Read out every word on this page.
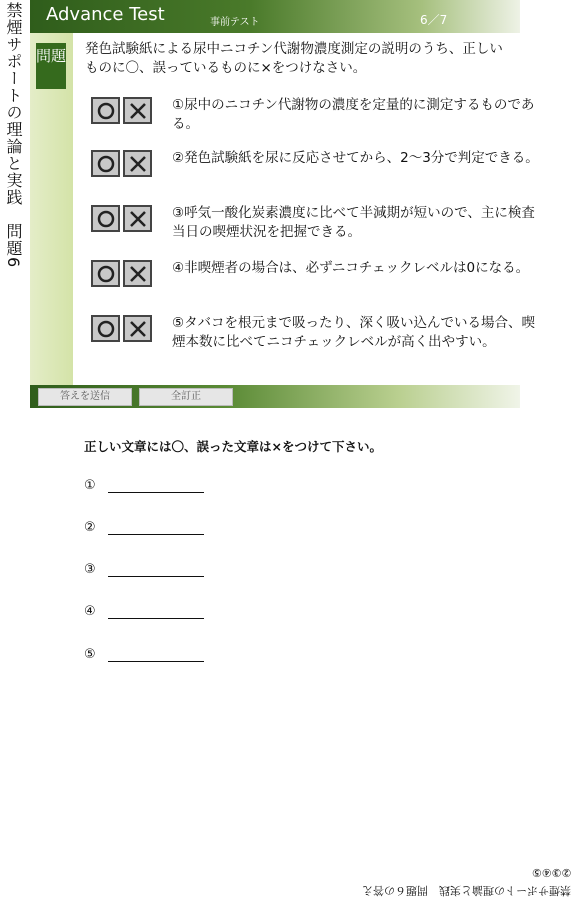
禁煙サポートの理論と実践　問題6 Advance Test	事前テスト	6／7
問題 発色試験紙による尿中ニコチン代謝物濃度測定の説明のうち、正しいものに〇、誤っているものに×をつけなさい。
①尿中のニコチン代謝物の濃度を定量的に測定するものである。
②発色試験紙を尿に反応させてから、2～3分で判定できる。
③呼気一酸化炭素濃度に比べて半減期が短いので、主に検査当日の喫煙状況を把握できる。
④非喫煙者の場合は、必ずニコチェックレベルは0になる。
⑤タバコを根元まで吸ったり、深く吸い込んでいる場合、喫煙本数に比べてニコチェックレベルが高く出やすい。
答えを送信	全訂正
正しい文章には〇、誤った文章は×をつけて下さい。
①
②
③
④
⑤
②③④⑤
禁煙サポートの理論と実践　問題６の答え
